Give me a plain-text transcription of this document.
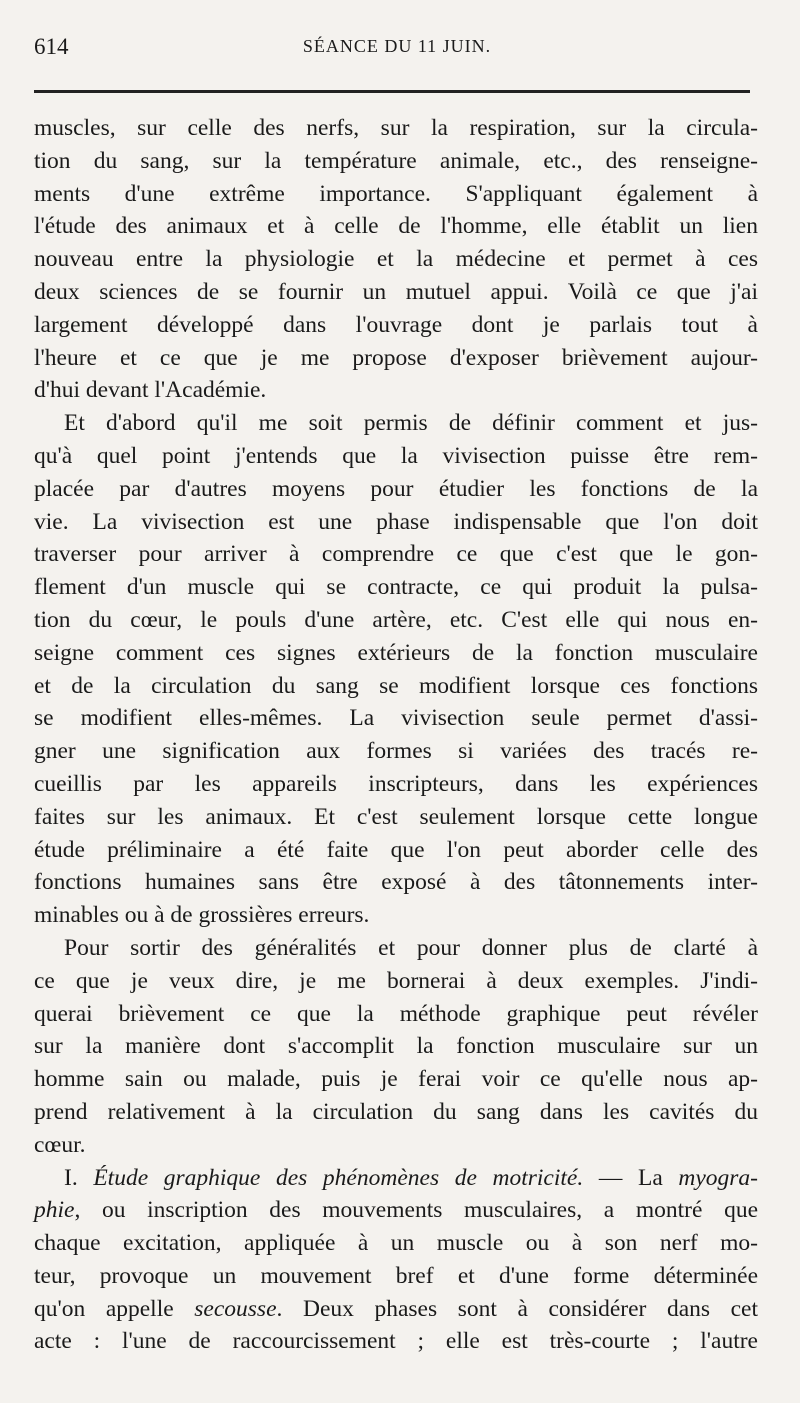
614	SÉANCE DU 11 JUIN.
muscles, sur celle des nerfs, sur la respiration, sur la circula-
tion du sang, sur la température animale, etc., des renseigne-
ments d'une extrême importance. S'appliquant également à
l'étude des animaux et à celle de l'homme, elle établit un lien
nouveau entre la physiologie et la médecine et permet à ces
deux sciences de se fournir un mutuel appui. Voilà ce que j'ai
largement développé dans l'ouvrage dont je parlais tout à
l'heure et ce que je me propose d'exposer brièvement aujour-
d'hui devant l'Académie.
Et d'abord qu'il me soit permis de définir comment et jus-
qu'à quel point j'entends que la vivisection puisse être rem-
placée par d'autres moyens pour étudier les fonctions de la
vie. La vivisection est une phase indispensable que l'on doit
traverser pour arriver à comprendre ce que c'est que le gon-
flement d'un muscle qui se contracte, ce qui produit la pulsa-
tion du cœur, le pouls d'une artère, etc. C'est elle qui nous en-
seigne comment ces signes extérieurs de la fonction musculaire
et de la circulation du sang se modifient lorsque ces fonctions
se modifient elles-mêmes. La vivisection seule permet d'assi-
gner une signification aux formes si variées des tracés re-
cueillis par les appareils inscripteurs, dans les expériences
faites sur les animaux. Et c'est seulement lorsque cette longue
étude préliminaire a été faite que l'on peut aborder celle des
fonctions humaines sans être exposé à des tâtonnements inter-
minables ou à de grossières erreurs.
Pour sortir des généralités et pour donner plus de clarté à
ce que je veux dire, je me bornerai à deux exemples. J'indi-
querai brièvement ce que la méthode graphique peut révéler
sur la manière dont s'accomplit la fonction musculaire sur un
homme sain ou malade, puis je ferai voir ce qu'elle nous ap-
prend relativement à la circulation du sang dans les cavités du
cœur.
I. Étude graphique des phénomènes de motricité. — La myogra-
phie, ou inscription des mouvements musculaires, a montré que
chaque excitation, appliquée à un muscle ou à son nerf mo-
teur, provoque un mouvement bref et d'une forme déterminée
qu'on appelle secousse. Deux phases sont à considérer dans cet
acte : l'une de raccourcissement ; elle est très-courte ; l'autre
